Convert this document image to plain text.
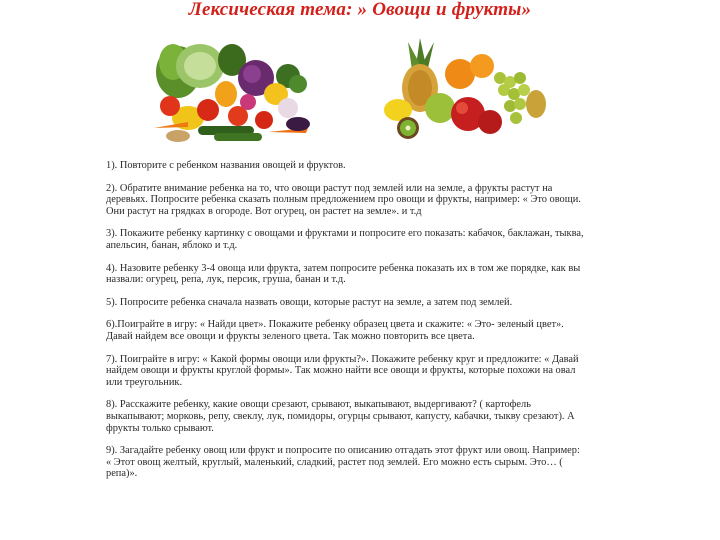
Лексическая тема: » Овощи и фрукты»

1). Повторите с ребенком названия овощей и фруктов.

2). Обратите внимание ребенка на то, что овощи растут под землей или на земле, а фрукты растут на деревьях. Попросите ребенка сказать полным предложением про овощи и фрукты, например: « Это овощи. Они растут на грядках в огороде. Вот огурец, он растет на земле». и т.д

3). Покажите ребенку картинку с овощами и фруктами и попросите его показать: кабачок, баклажан, тыква, апельсин, банан, яблоко и т.д.

4). Назовите ребенку 3-4 овоща или фрукта, затем попросите ребенка показать их в том же порядке, как вы назвали: огурец, репа, лук, персик, груша, банан и т.д.

5). Попросите ребенка сначала назвать овощи, которые растут на земле, а затем под землей.

6).Поиграйте в игру: « Найди цвет». Покажите ребенку образец цвета и скажите: « Это- зеленый цвет». Давай найдем все овощи и фрукты зеленого цвета. Так можно повторить все цвета.

7). Поиграйте в игру: « Какой формы овощи или фрукты?». Покажите ребенку круг и предложите: « Давай найдем овощи и фрукты круглой формы». Так можно найти все овощи и фрукты, которые похожи на овал или треугольник.

8). Расскажите ребенку, какие овощи срезают, срывают, выкапывают, выдергивают? ( картофель выкапывают; морковь, репу, свеклу, лук, помидоры, огурцы срывают, капусту, кабачки, тыкву срезают). А фрукты только срывают.

9). Загадайте ребенку овощ или фрукт и попросите по описанию отгадать этот фрукт или овощ. Например: « Этот овощ желтый, круглый, маленький, сладкий, растет под землей. Его можно есть сырым. Это… ( репа)».
